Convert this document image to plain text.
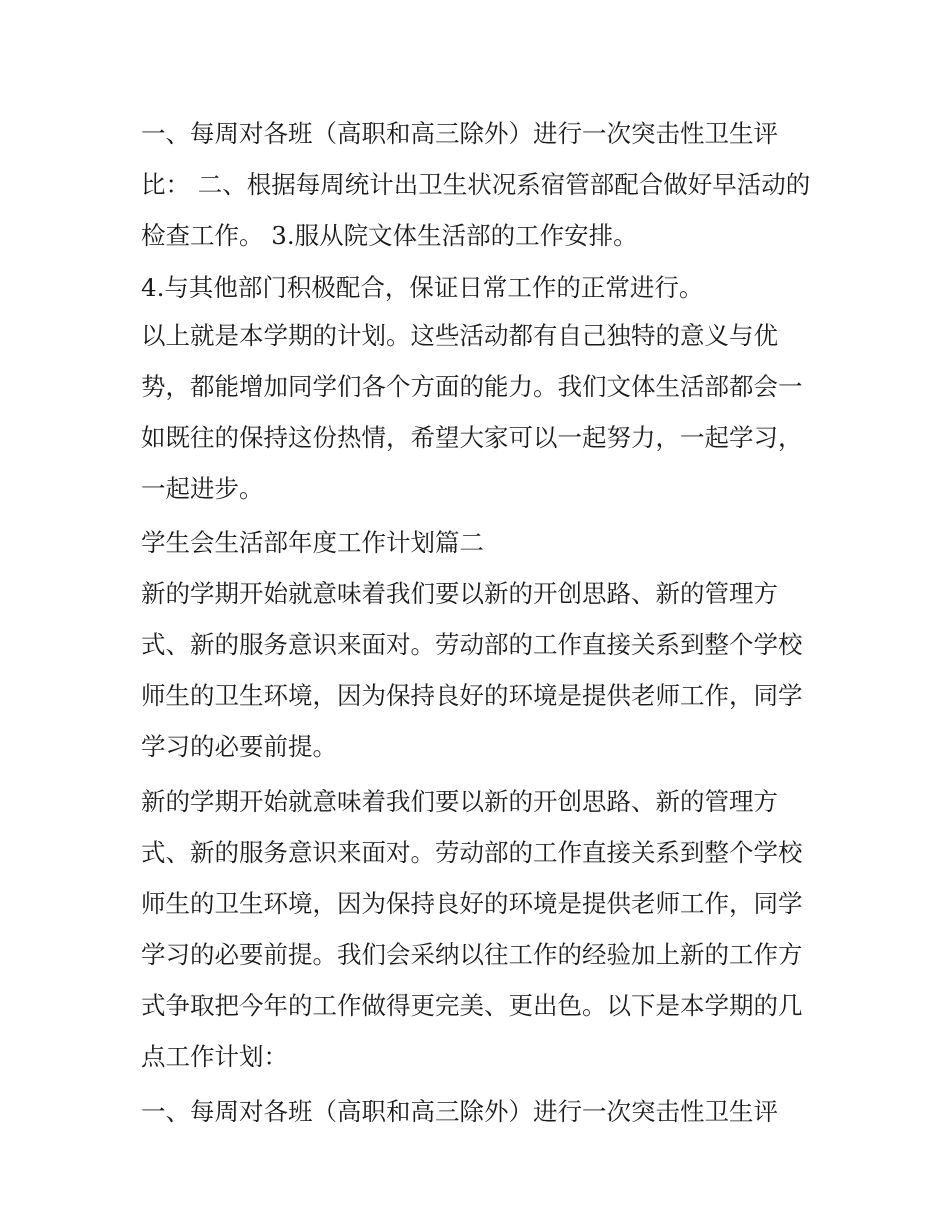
一、每周对各班（高职和高三除外）进行一次突击性卫生评比： 二、根据每周统计出卫生状况系宿管部配合做好早活动的检查工作。 3.服从院文体生活部的工作安排。

4.与其他部门积极配合，保证日常工作的正常进行。

以上就是本学期的计划。这些活动都有自己独特的意义与优势，都能增加同学们各个方面的能力。我们文体生活部都会一如既往的保持这份热情，希望大家可以一起努力，一起学习，一起进步。

学生会生活部年度工作计划篇二

新的学期开始就意味着我们要以新的开创思路、新的管理方式、新的服务意识来面对。劳动部的工作直接关系到整个学校师生的卫生环境，因为保持良好的环境是提供老师工作，同学学习的必要前提。

新的学期开始就意味着我们要以新的开创思路、新的管理方式、新的服务意识来面对。劳动部的工作直接关系到整个学校师生的卫生环境，因为保持良好的环境是提供老师工作，同学学习的必要前提。我们会采纳以往工作的经验加上新的工作方式争取把今年的工作做得更完美、更出色。以下是本学期的几点工作计划：

一、每周对各班（高职和高三除外）进行一次突击性卫生评
